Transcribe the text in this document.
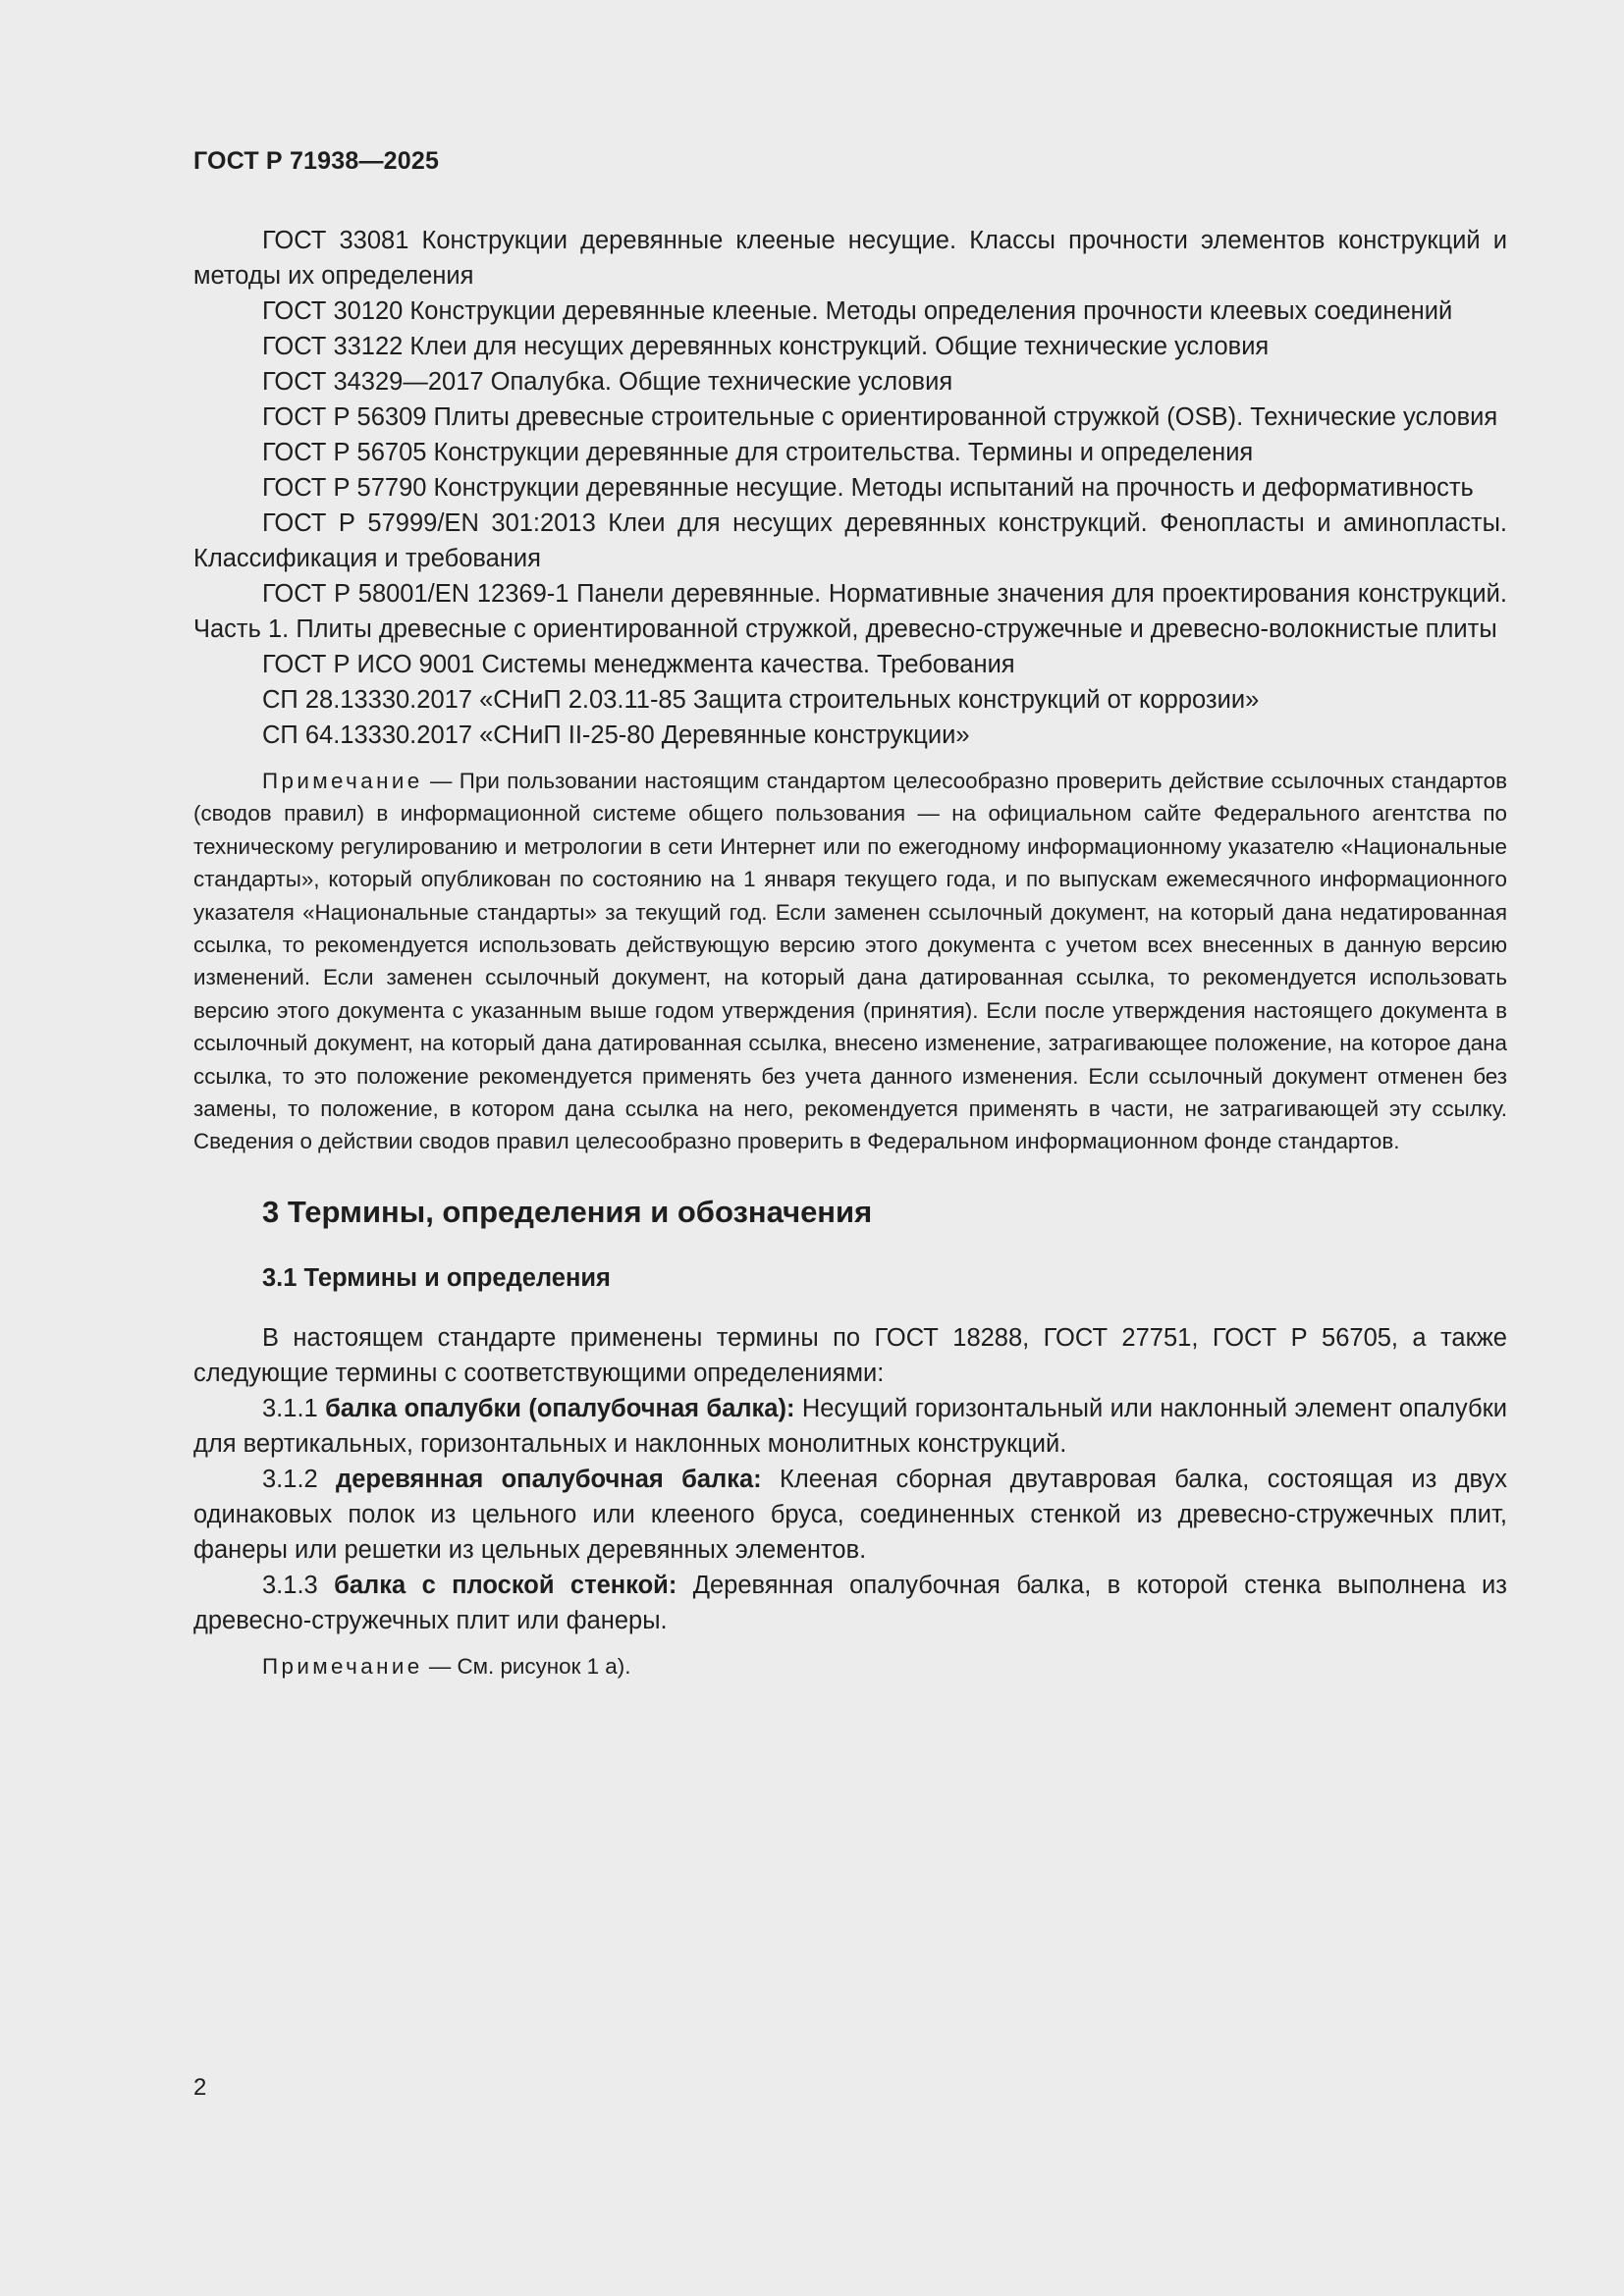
ГОСТ Р 71938—2025

ГОСТ 33081 Конструкции деревянные клееные несущие. Классы прочности элементов конструкций и методы их определения

ГОСТ 30120 Конструкции деревянные клееные. Методы определения прочности клеевых соединений

ГОСТ 33122 Клеи для несущих деревянных конструкций. Общие технические условия

ГОСТ 34329—2017 Опалубка. Общие технические условия

ГОСТ Р 56309 Плиты древесные строительные с ориентированной стружкой (OSB). Технические условия

ГОСТ Р 56705 Конструкции деревянные для строительства. Термины и определения

ГОСТ Р 57790 Конструкции деревянные несущие. Методы испытаний на прочность и деформативность

ГОСТ Р 57999/EN 301:2013 Клеи для несущих деревянных конструкций. Фенопласты и аминопласты. Классификация и требования

ГОСТ Р 58001/EN 12369-1 Панели деревянные. Нормативные значения для проектирования конструкций. Часть 1. Плиты древесные с ориентированной стружкой, древесно-стружечные и древесно-волокнистые плиты

ГОСТ Р ИСО 9001 Системы менеджмента качества. Требования

СП 28.13330.2017 «СНиП 2.03.11-85 Защита строительных конструкций от коррозии»

СП 64.13330.2017 «СНиП II-25-80 Деревянные конструкции»

Примечание — При пользовании настоящим стандартом целесообразно проверить действие ссылочных стандартов (сводов правил) в информационной системе общего пользования — на официальном сайте Федерального агентства по техническому регулированию и метрологии в сети Интернет или по ежегодному информационному указателю «Национальные стандарты», который опубликован по состоянию на 1 января текущего года, и по выпускам ежемесячного информационного указателя «Национальные стандарты» за текущий год. Если заменен ссылочный документ, на который дана недатированная ссылка, то рекомендуется использовать действующую версию этого документа с учетом всех внесенных в данную версию изменений. Если заменен ссылочный документ, на который дана датированная ссылка, то рекомендуется использовать версию этого документа с указанным выше годом утверждения (принятия). Если после утверждения настоящего документа в ссылочный документ, на который дана датированная ссылка, внесено изменение, затрагивающее положение, на которое дана ссылка, то это положение рекомендуется применять без учета данного изменения. Если ссылочный документ отменен без замены, то положение, в котором дана ссылка на него, рекомендуется применять в части, не затрагивающей эту ссылку. Сведения о действии сводов правил целесообразно проверить в Федеральном информационном фонде стандартов.

3 Термины, определения и обозначения
3.1 Термины и определения

В настоящем стандарте применены термины по ГОСТ 18288, ГОСТ 27751, ГОСТ Р 56705, а также следующие термины с соответствующими определениями:

3.1.1 балка опалубки (опалубочная балка): Несущий горизонтальный или наклонный элемент опалубки для вертикальных, горизонтальных и наклонных монолитных конструкций.

3.1.2 деревянная опалубочная балка: Клееная сборная двутавровая балка, состоящая из двух одинаковых полок из цельного или клееного бруса, соединенных стенкой из древесно-стружечных плит, фанеры или решетки из цельных деревянных элементов.

3.1.3 балка с плоской стенкой: Деревянная опалубочная балка, в которой стенка выполнена из древесно-стружечных плит или фанеры.

Примечание — См. рисунок 1 а).

2
